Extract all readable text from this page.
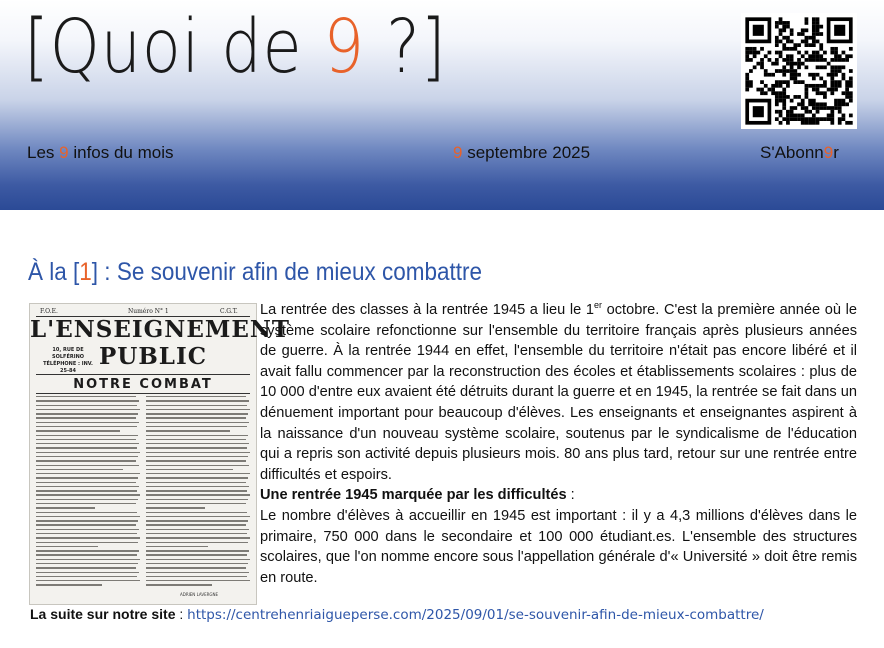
[Quoi de 9 ?]
Les 9 infos du mois	9 septembre 2025	S'Abonn9r
À la [1] : Se souvenir afin de mieux combattre
F.O.E.	Numéro N° 1	C.G.T.
L'ENSEIGNEMENT
10, RUE DE SOLFÉRINO
TÉLÉPHONE : INV. 25-84
PUBLIC
NOTRE COMBAT
ADRIEN LAVERGNE

La rentrée des classes à la rentrée 1945 a lieu le 1er octobre. C'est la première année où le système scolaire refonctionne sur l'ensemble du territoire français après plusieurs années de guerre. À la rentrée 1944 en effet, l'ensemble du territoire n'était pas encore libéré et il avait fallu commencer par la reconstruction des écoles et établissements scolaires : plus de 10 000 d'entre eux avaient été détruits durant la guerre et en 1945, la rentrée se fait dans un dénuement important pour beaucoup d'élèves. Les enseignants et enseignantes aspirent à la naissance d'un nouveau système scolaire, soutenus par le syndicalisme de l'éducation qui a repris son activité depuis plusieurs mois. 80 ans plus tard, retour sur une rentrée entre difficultés et espoirs.

Une rentrée 1945 marquée par les difficultés :

Le nombre d'élèves à accueillir en 1945 est important : il y a 4,3 millions d'élèves dans le primaire, 750 000 dans le secondaire et 100 000 étudiant.es. L'ensemble des structures scolaires, que l'on nomme encore sous l'appellation générale d'« Université » doit être remis en route.

La suite sur notre site : https://centrehenriaigueperse.com/2025/09/01/se-souvenir-afin-de-mieux-combattre/
